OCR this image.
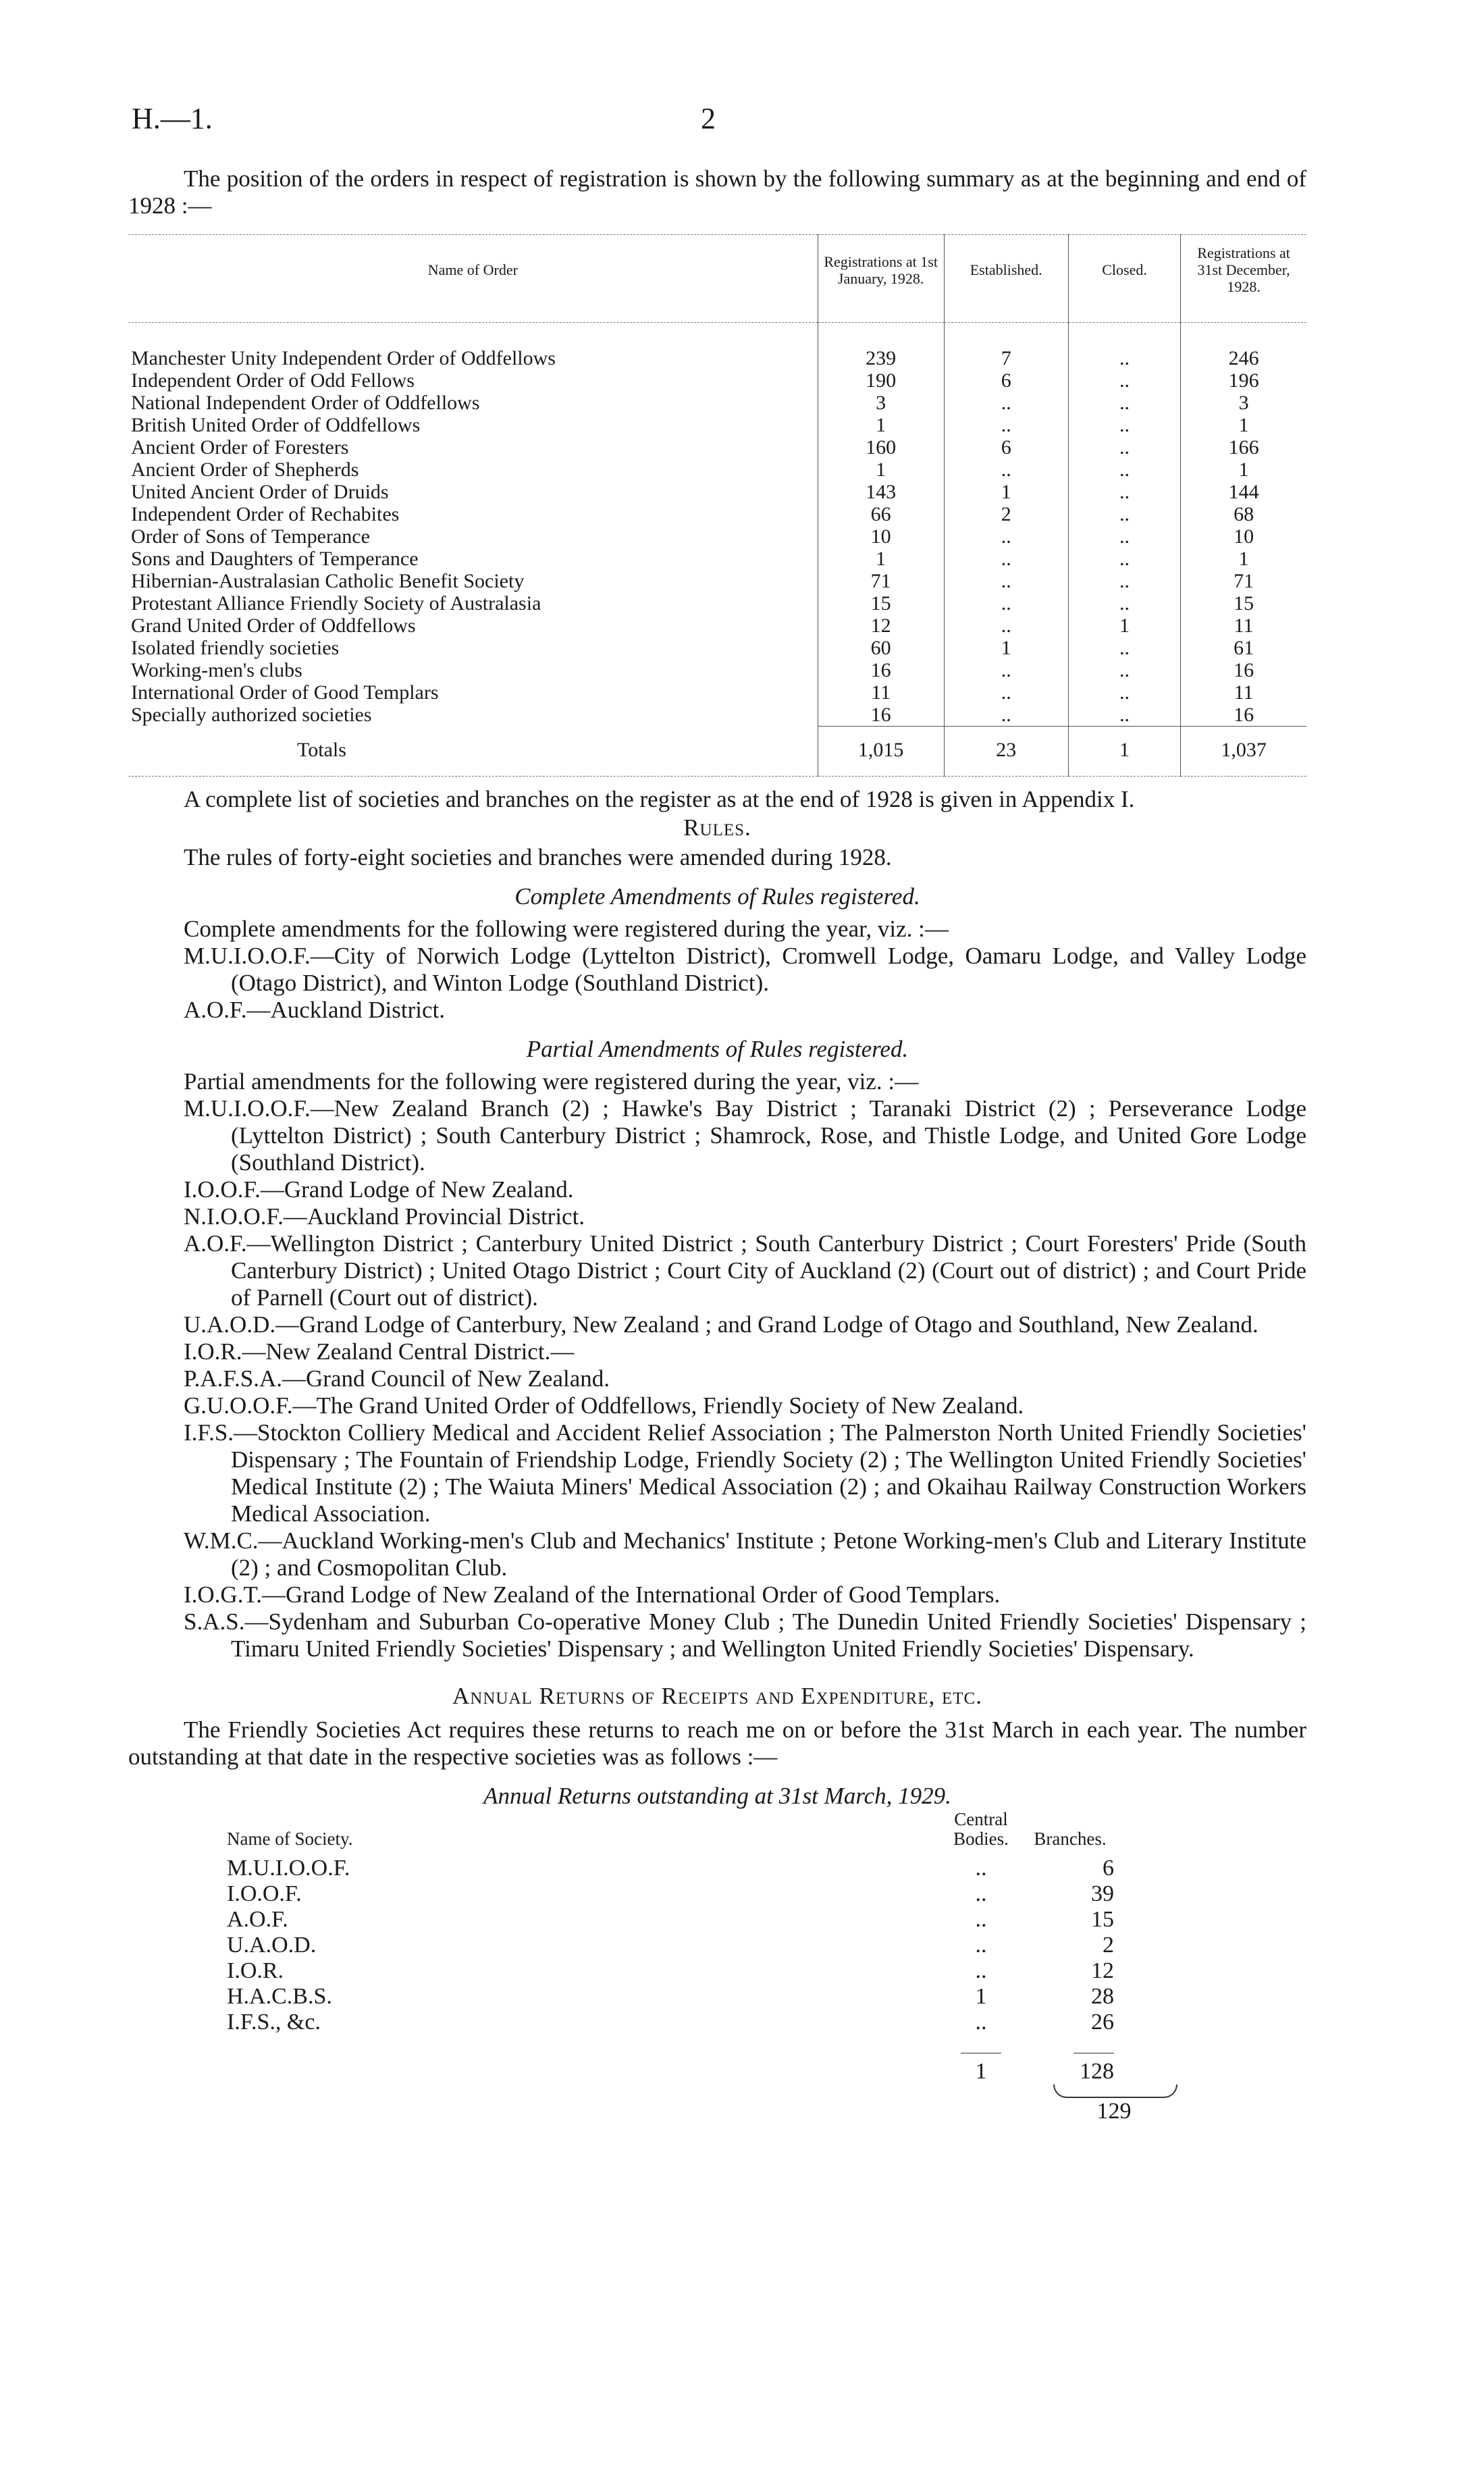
H.—1.	2

The position of the orders in respect of registration is shown by the following summary as at the beginning and end of 1928 :—

Name of Order	Registrations at 1st January, 1928.	Established.	Closed.	Registrations at 31st December, 1928.
Manchester Unity Independent Order of Oddfellows	239	7	..	246
Independent Order of Odd Fellows	190	6	..	196
National Independent Order of Oddfellows	3	..	..	3
British United Order of Oddfellows	1	..	..	1
Ancient Order of Foresters	160	6	..	166
Ancient Order of Shepherds	1	..	..	1
United Ancient Order of Druids	143	1	..	144
Independent Order of Rechabites	66	2	..	68
Order of Sons of Temperance	10	..	..	10
Sons and Daughters of Temperance	1	..	..	1
Hibernian-Australasian Catholic Benefit Society	71	..	..	71
Protestant Alliance Friendly Society of Australasia	15	..	..	15
Grand United Order of Oddfellows	12	..	1	11
Isolated friendly societies	60	1	..	61
Working-men's clubs	16	..	..	16
International Order of Good Templars	11	..	..	11
Specially authorized societies	16	..	..	16
Totals	1,015	23	1	1,037

A complete list of societies and branches on the register as at the end of 1928 is given in Appendix I.

Rules.

The rules of forty-eight societies and branches were amended during 1928.

Complete Amendments of Rules registered.

Complete amendments for the following were registered during the year, viz. :—

M.U.I.O.O.F.—City of Norwich Lodge (Lyttelton District), Cromwell Lodge, Oamaru Lodge, and Valley Lodge (Otago District), and Winton Lodge (Southland District).
A.O.F.—Auckland District.

Partial Amendments of Rules registered.

Partial amendments for the following were registered during the year, viz. :—

M.U.I.O.O.F.—New Zealand Branch (2) ; Hawke's Bay District ; Taranaki District (2) ; Perseverance Lodge (Lyttelton District) ; South Canterbury District ; Shamrock, Rose, and Thistle Lodge, and United Gore Lodge (Southland District).
I.O.O.F.—Grand Lodge of New Zealand.
N.I.O.O.F.—Auckland Provincial District.
A.O.F.—Wellington District ; Canterbury United District ; South Canterbury District ; Court Foresters' Pride (South Canterbury District) ; United Otago District ; Court City of Auckland (2) (Court out of district) ; and Court Pride of Parnell (Court out of district).
U.A.O.D.—Grand Lodge of Canterbury, New Zealand ; and Grand Lodge of Otago and Southland, New Zealand.
I.O.R.—New Zealand Central District.—
P.A.F.S.A.—Grand Council of New Zealand.
G.U.O.O.F.—The Grand United Order of Oddfellows, Friendly Society of New Zealand.
I.F.S.—Stockton Colliery Medical and Accident Relief Association ; The Palmerston North United Friendly Societies' Dispensary ; The Fountain of Friendship Lodge, Friendly Society (2) ; The Wellington United Friendly Societies' Medical Institute (2) ; The Waiuta Miners' Medical Association (2) ; and Okaihau Railway Construction Workers Medical Association.
W.M.C.—Auckland Working-men's Club and Mechanics' Institute ; Petone Working-men's Club and Literary Institute (2) ; and Cosmopolitan Club.
I.O.G.T.—Grand Lodge of New Zealand of the International Order of Good Templars.
S.A.S.—Sydenham and Suburban Co-operative Money Club ; The Dunedin United Friendly Societies' Dispensary ; Timaru United Friendly Societies' Dispensary ; and Wellington United Friendly Societies' Dispensary.

Annual Returns of Receipts and Expenditure, etc.

The Friendly Societies Act requires these returns to reach me on or before the 31st March in each year. The number outstanding at that date in the respective societies was as follows :—

Annual Returns outstanding at 31st March, 1929.

Name of Society.	Central Bodies.	Branches.
M.U.I.O.O.F.	..	6
I.O.O.F.	..	39
A.O.F.	..	15
U.A.O.D.	..	2
I.O.R.	..	12
H.A.C.B.S.	1	28
I.F.S., &c.	..	26
	1	128
129
